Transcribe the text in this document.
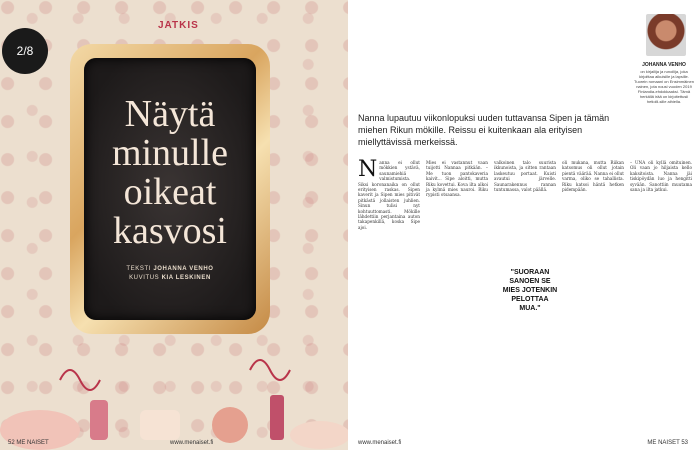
2/8
JATKIS
Näytä
minulle
oikeat
kasvosi
TEKSTI JOHANNA VENHO
KUVITUS KIA LESKINEN
52 ME NAISET	www.menaiset.fi
Nanna lupautuu viikonlopuksi uuden tuttavansa Sipen ja tämän miehen Rikun mökille. Reissu ei kuitenkaan ala erityisen miellyttävissä merkeissä.
JOHANNA VENHO
on kirjailija ja runoilija, joka kirjoittaa aikuisille ja lapsille. Tuorein romaani on Ensimmäinen nainen, jota nousi vuoden 2019 Finlandia-ehdokkaaksi. Tämä herkällä irää on kirjoitettusii hetiolli-sille aihiella.
N anna ei ollut mökkien ystävä, saunamiehiä valmistumista. Siksi koronanaika on ollut erityisen raskas. Sipen kaverit ja Sipen mies pitivät pitkästä jollaisten juhlien. Sinun tulisi nyt kohtuuttomasti. Mökille lähdettiin perjantaina auton takapenkillä, koska Sipe ajoi.

Mies ei vastannut vaan tuijotti Nannaa pitkään. – Me tuon pantokaveria kaivit... Sipe aloitti, mutta Riku kovettui. Kova ilta alkoi ja kylmä mies nauroi. Riku rypisti otsaansa.

valkoinen talo suurista ikkunoista, ja sitten rantaan laskeutuu portaat. Kuisti avautui järvelle. Saunarakennus rannan tuntumassa, valot päällä.

"SUORAAN SANOEN SE MIES JOTENKIN PELOTTAA MUA."

oli mukana, mutta Riikan katsomus oli ollut jotain pientä väärää. Nanna ei ollut varma, oliko se tahallista. Riku katsoi häntä hetken pidempään.

– UNA oli kyllä omituinen. Oli vaan jo hiljaista kello kaksitoista. Nanna jäi tiskipöydän luo ja hengitti syvään. Sanottiin muutama sana ja ilta jatkui.

www.menaiset.fi	ME NAISET 53
